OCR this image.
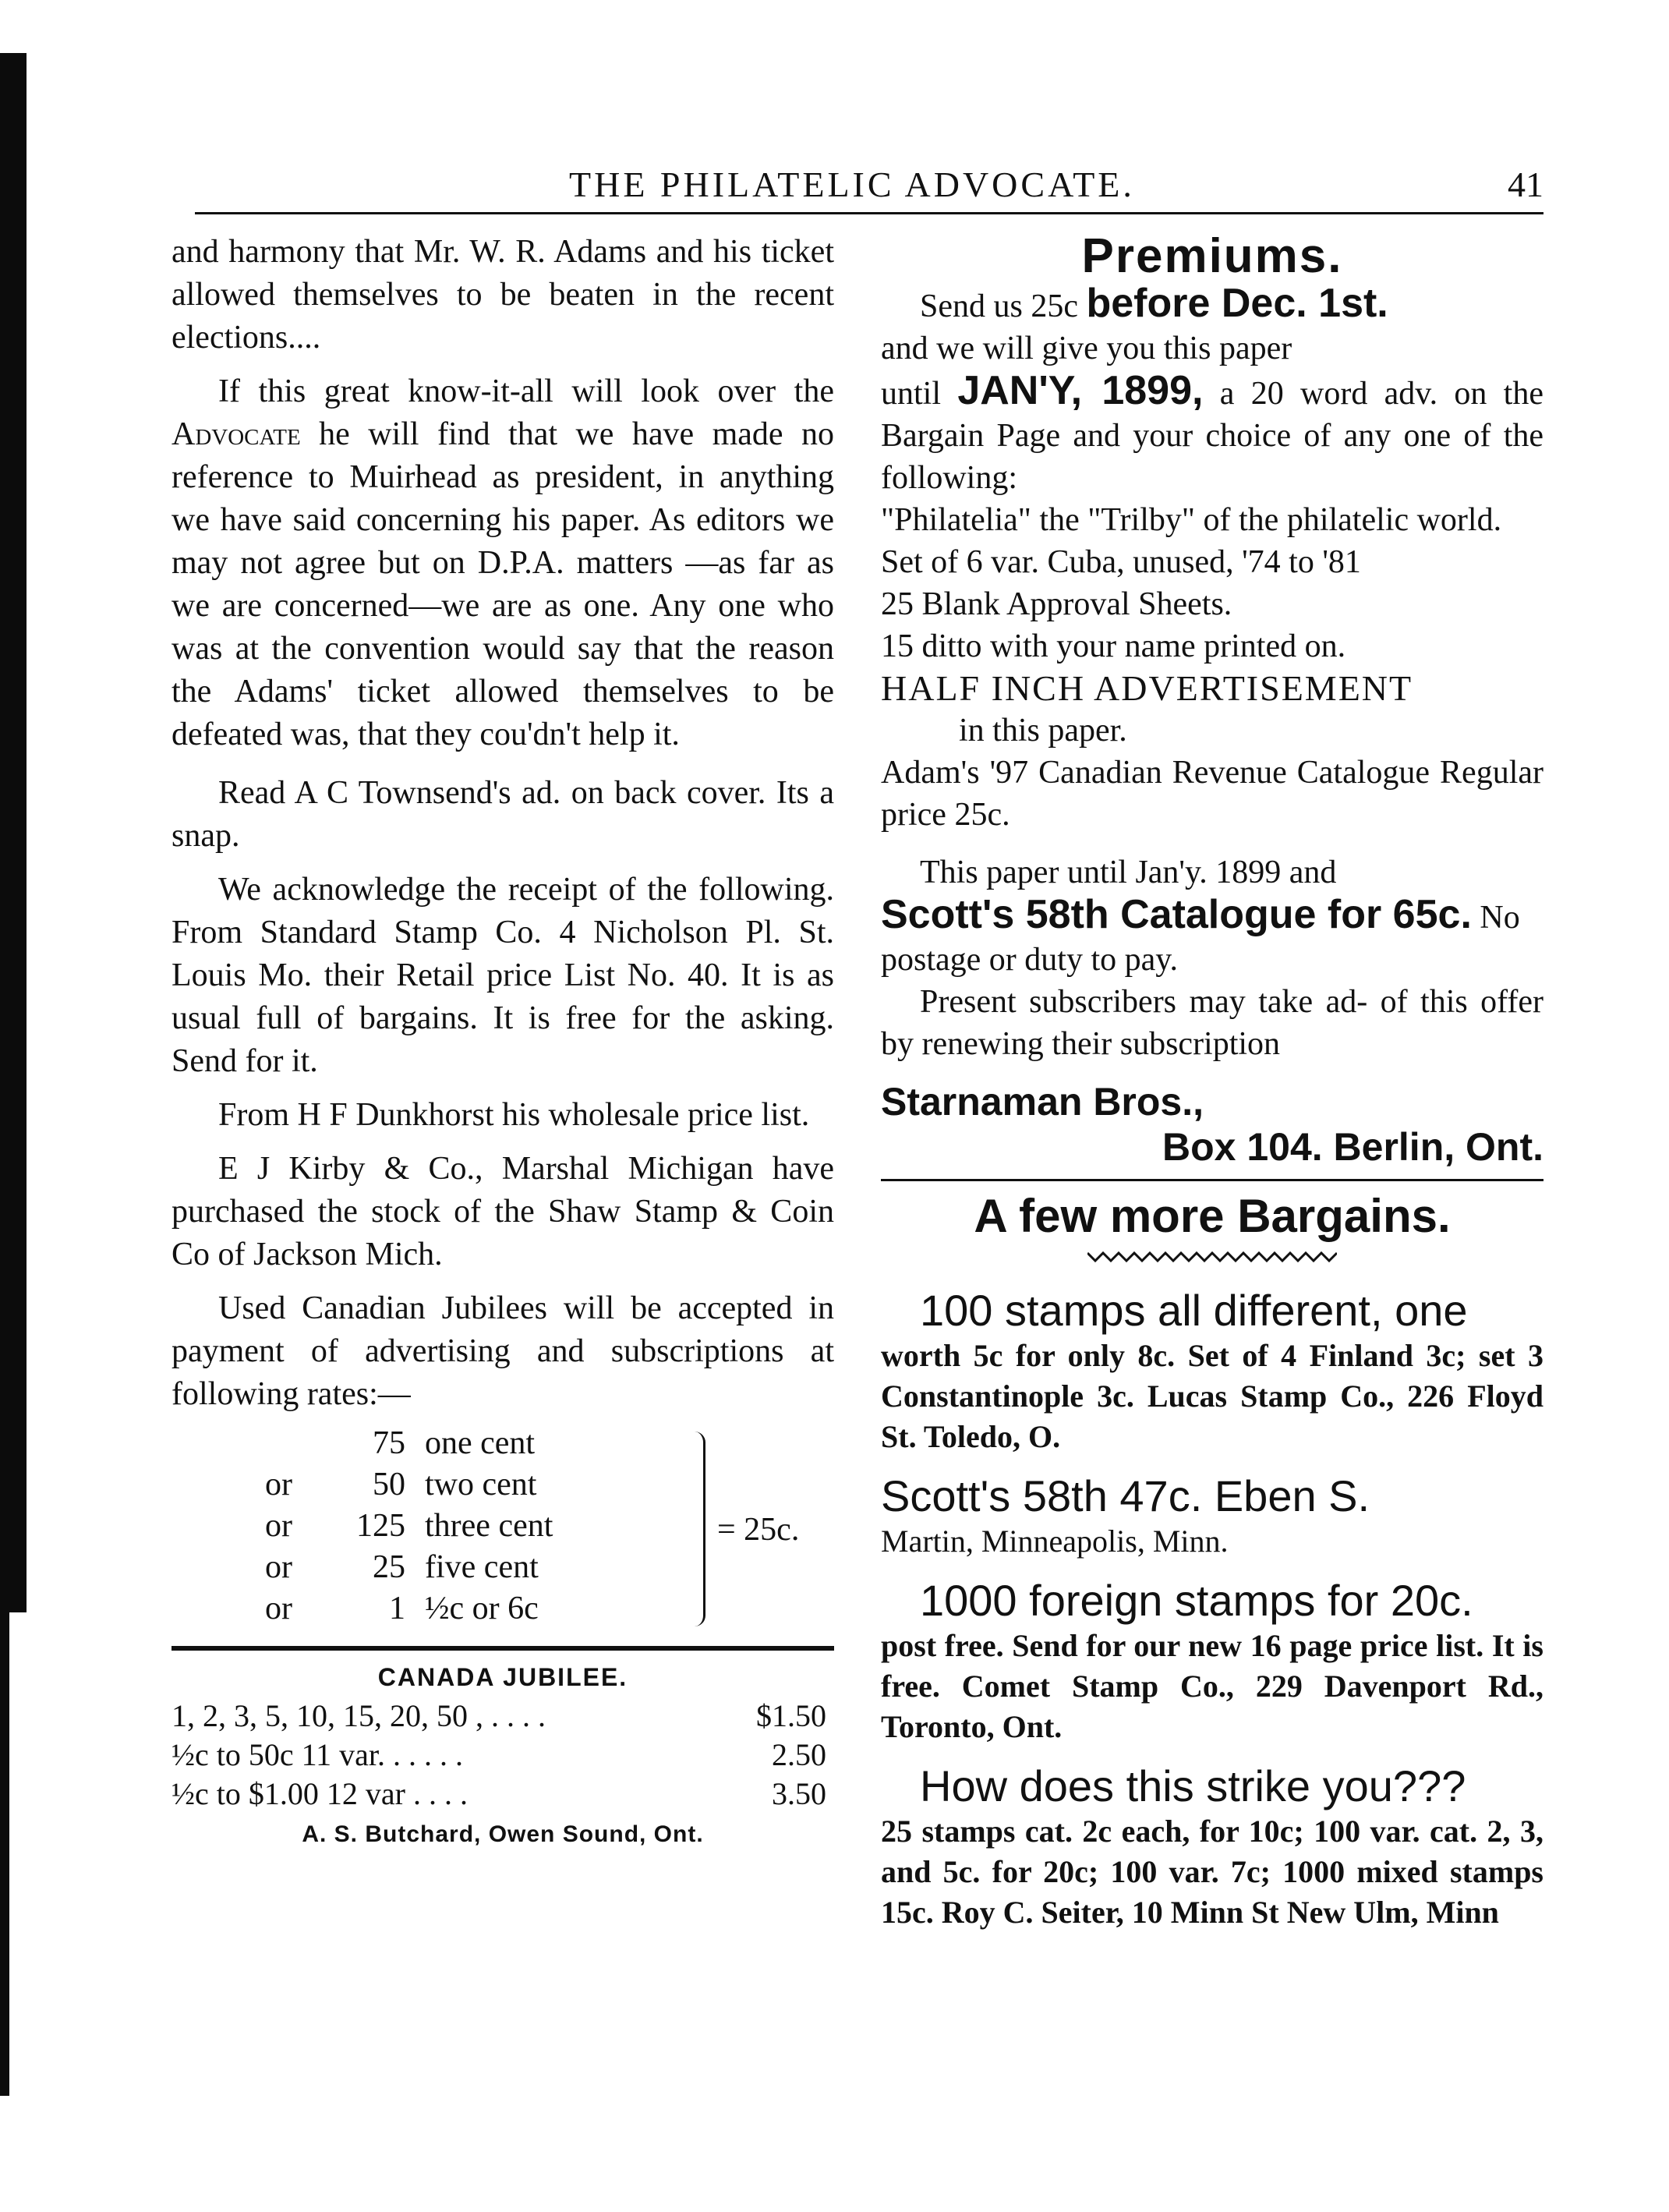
THE PHILATELIC ADVOCATE.	41

and harmony that Mr. W. R. Adams and his ticket allowed themselves to be beaten in the recent elections....

If this great know-it-all will look over the Advocate he will find that we have made no reference to Muirhead as president, in anything we have said concerning his paper. As editors we may not agree but on D.P.A. matters —as far as we are concerned—we are as one. Any one who was at the convention would say that the reason the Adams' ticket allowed themselves to be defeated was, that they cou'dn't help it.

Read A C Townsend's ad. on back cover. Its a snap.

We acknowledge the receipt of the following. From Standard Stamp Co. 4 Nicholson Pl. St. Louis Mo. their Retail price List No. 40. It is as usual full of bargains. It is free for the asking. Send for it.

From H F Dunkhorst his wholesale price list.

E J Kirby & Co., Marshal Michigan have purchased the stock of the Shaw Stamp & Coin Co of Jackson Mich.

Used Canadian Jubilees will be accepted in payment of advertising and subscriptions at following rates:—

75 one cent
or	50 two cent
or	125 three cent
or	25 five cent
or	1 ½c or 6c
= 25c.
CANADA JUBILEE.
1, 2, 3, 5, 10, 15, 20, 50 , . . . .	$1.50
½c to 50c 11 var. . . . . .	2.50
½c to $1.00 12 var . . . .	3.50
A. S. Butchard, Owen Sound, Ont.
Premiums.

Send us 25c before Dec. 1st.

and we will give you this paper

until JAN'Y, 1899, a 20 word adv. on the Bargain Page and your choice of any one of the following:

"Philatelia" the "Trilby" of the philatelic world.

Set of 6 var. Cuba, unused, '74 to '81

25 Blank Approval Sheets.

15 ditto with your name printed on.

HALF INCH ADVERTISEMENT

in this paper.

Adam's '97 Canadian Revenue Catalogue Regular price 25c.

This paper until Jan'y. 1899 and

Scott's 58th Catalogue for 65c. No postage or duty to pay.

Present subscribers may take ad- of this offer by renewing their subscription

Starnaman Bros.,

Box 104. Berlin, Ont.

A few more Bargains.

100 stamps all different, one

worth 5c for only 8c. Set of 4 Finland 3c; set 3 Constantinople 3c. Lucas Stamp Co., 226 Floyd St. Toledo, O.

Scott's 58th 47c. Eben S.

Martin, Minneapolis, Minn.

1000 foreign stamps for 20c.

post free. Send for our new 16 page price list. It is free. Comet Stamp Co., 229 Davenport Rd., Toronto, Ont.

How does this strike you???

25 stamps cat. 2c each, for 10c; 100 var. cat. 2, 3, and 5c. for 20c; 100 var. 7c; 1000 mixed stamps 15c. Roy C. Seiter, 10 Minn St New Ulm, Minn
